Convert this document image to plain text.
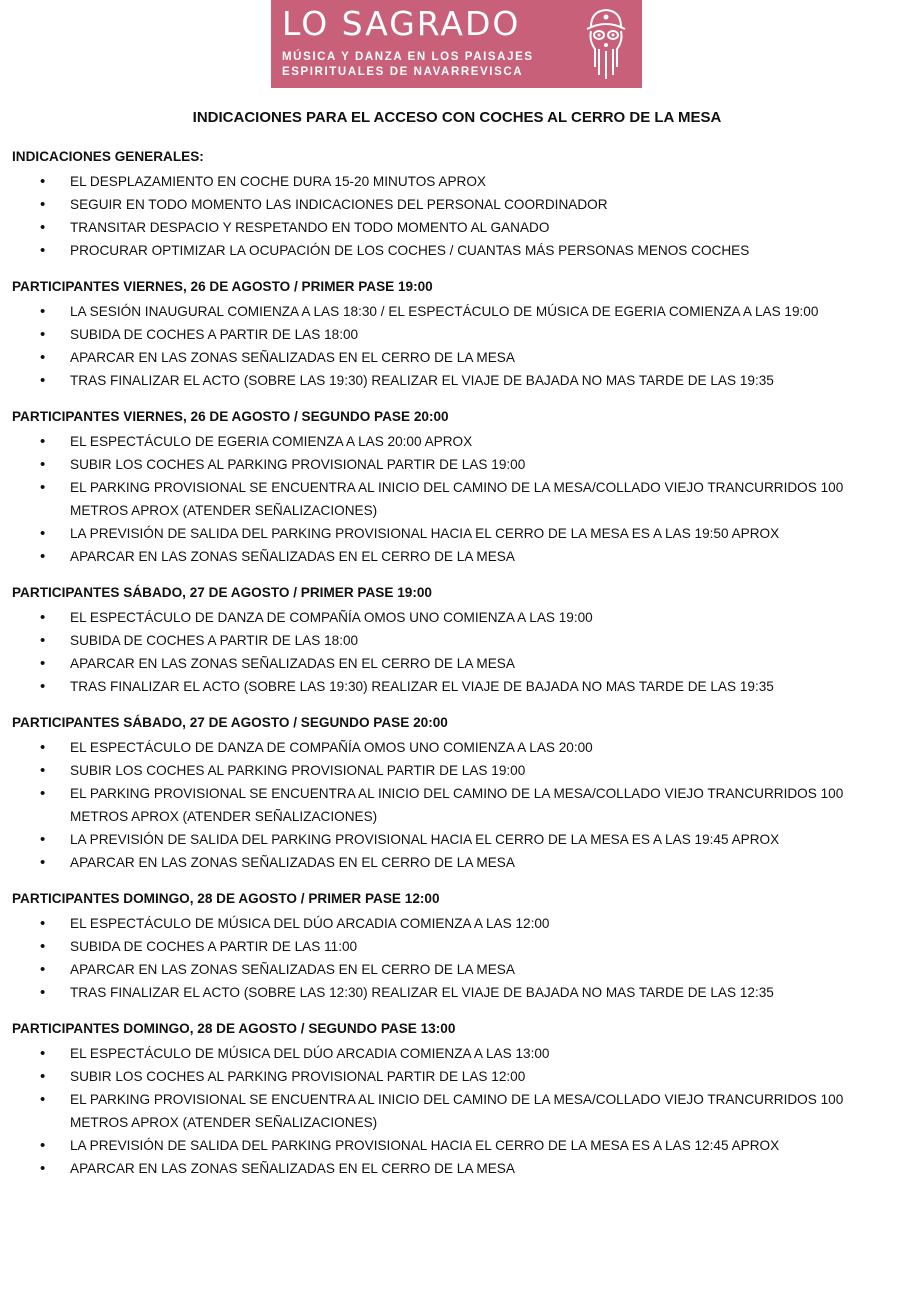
LO SAGRADO
MÚSICA Y DANZA EN LOS PAISAJES
ESPIRITUALES DE NAVARREVISCA
INDICACIONES PARA EL ACCESO CON COCHES AL CERRO DE LA MESA
INDICACIONES GENERALES:
• EL DESPLAZAMIENTO EN COCHE DURA 15-20 MINUTOS APROX
• SEGUIR EN TODO MOMENTO LAS INDICACIONES DEL PERSONAL COORDINADOR
• TRANSITAR DESPACIO Y RESPETANDO EN TODO MOMENTO AL GANADO
• PROCURAR OPTIMIZAR LA OCUPACIÓN DE LOS COCHES / CUANTAS MÁS PERSONAS MENOS COCHES
PARTICIPANTES VIERNES, 26 DE AGOSTO / PRIMER PASE 19:00
• LA SESIÓN INAUGURAL COMIENZA A LAS 18:30 / EL ESPECTÁCULO DE MÚSICA DE EGERIA COMIENZA A LAS 19:00
• SUBIDA DE COCHES A PARTIR DE LAS 18:00
• APARCAR EN LAS ZONAS SEÑALIZADAS EN EL CERRO DE LA MESA
• TRAS FINALIZAR EL ACTO (SOBRE LAS 19:30) REALIZAR EL VIAJE DE BAJADA NO MAS TARDE DE LAS 19:35
PARTICIPANTES VIERNES, 26 DE AGOSTO / SEGUNDO PASE 20:00
• EL ESPECTÁCULO DE EGERIA COMIENZA A LAS 20:00 APROX
• SUBIR LOS COCHES AL PARKING PROVISIONAL PARTIR DE LAS 19:00
• EL PARKING PROVISIONAL SE ENCUENTRA AL INICIO DEL CAMINO DE LA MESA/COLLADO VIEJO TRANCURRIDOS 100 METROS APROX (ATENDER SEÑALIZACIONES)
• LA PREVISIÓN DE SALIDA DEL PARKING PROVISIONAL HACIA EL CERRO DE LA MESA ES A LAS 19:50 APROX
• APARCAR EN LAS ZONAS SEÑALIZADAS EN EL CERRO DE LA MESA
PARTICIPANTES SÁBADO, 27 DE AGOSTO / PRIMER PASE 19:00
• EL ESPECTÁCULO DE DANZA DE COMPAÑÍA OMOS UNO COMIENZA A LAS 19:00
• SUBIDA DE COCHES A PARTIR DE LAS 18:00
• APARCAR EN LAS ZONAS SEÑALIZADAS EN EL CERRO DE LA MESA
• TRAS FINALIZAR EL ACTO (SOBRE LAS 19:30) REALIZAR EL VIAJE DE BAJADA NO MAS TARDE DE LAS 19:35
PARTICIPANTES SÁBADO, 27 DE AGOSTO / SEGUNDO PASE 20:00
• EL ESPECTÁCULO DE DANZA DE COMPAÑÍA OMOS UNO COMIENZA A LAS 20:00
• SUBIR LOS COCHES AL PARKING PROVISIONAL PARTIR DE LAS 19:00
• EL PARKING PROVISIONAL SE ENCUENTRA AL INICIO DEL CAMINO DE LA MESA/COLLADO VIEJO TRANCURRIDOS 100 METROS APROX (ATENDER SEÑALIZACIONES)
• LA PREVISIÓN DE SALIDA DEL PARKING PROVISIONAL HACIA EL CERRO DE LA MESA ES A LAS 19:45 APROX
• APARCAR EN LAS ZONAS SEÑALIZADAS EN EL CERRO DE LA MESA
PARTICIPANTES DOMINGO, 28 DE AGOSTO / PRIMER PASE 12:00
• EL ESPECTÁCULO DE MÚSICA DEL DÚO ARCADIA COMIENZA A LAS 12:00
• SUBIDA DE COCHES A PARTIR DE LAS 11:00
• APARCAR EN LAS ZONAS SEÑALIZADAS EN EL CERRO DE LA MESA
• TRAS FINALIZAR EL ACTO (SOBRE LAS 12:30) REALIZAR EL VIAJE DE BAJADA NO MAS TARDE DE LAS 12:35
PARTICIPANTES DOMINGO, 28 DE AGOSTO / SEGUNDO PASE 13:00
• EL ESPECTÁCULO DE MÚSICA DEL DÚO ARCADIA COMIENZA A LAS 13:00
• SUBIR LOS COCHES AL PARKING PROVISIONAL PARTIR DE LAS 12:00
• EL PARKING PROVISIONAL SE ENCUENTRA AL INICIO DEL CAMINO DE LA MESA/COLLADO VIEJO TRANCURRIDOS 100 METROS APROX (ATENDER SEÑALIZACIONES)
• LA PREVISIÓN DE SALIDA DEL PARKING PROVISIONAL HACIA EL CERRO DE LA MESA ES A LAS 12:45 APROX
• APARCAR EN LAS ZONAS SEÑALIZADAS EN EL CERRO DE LA MESA
